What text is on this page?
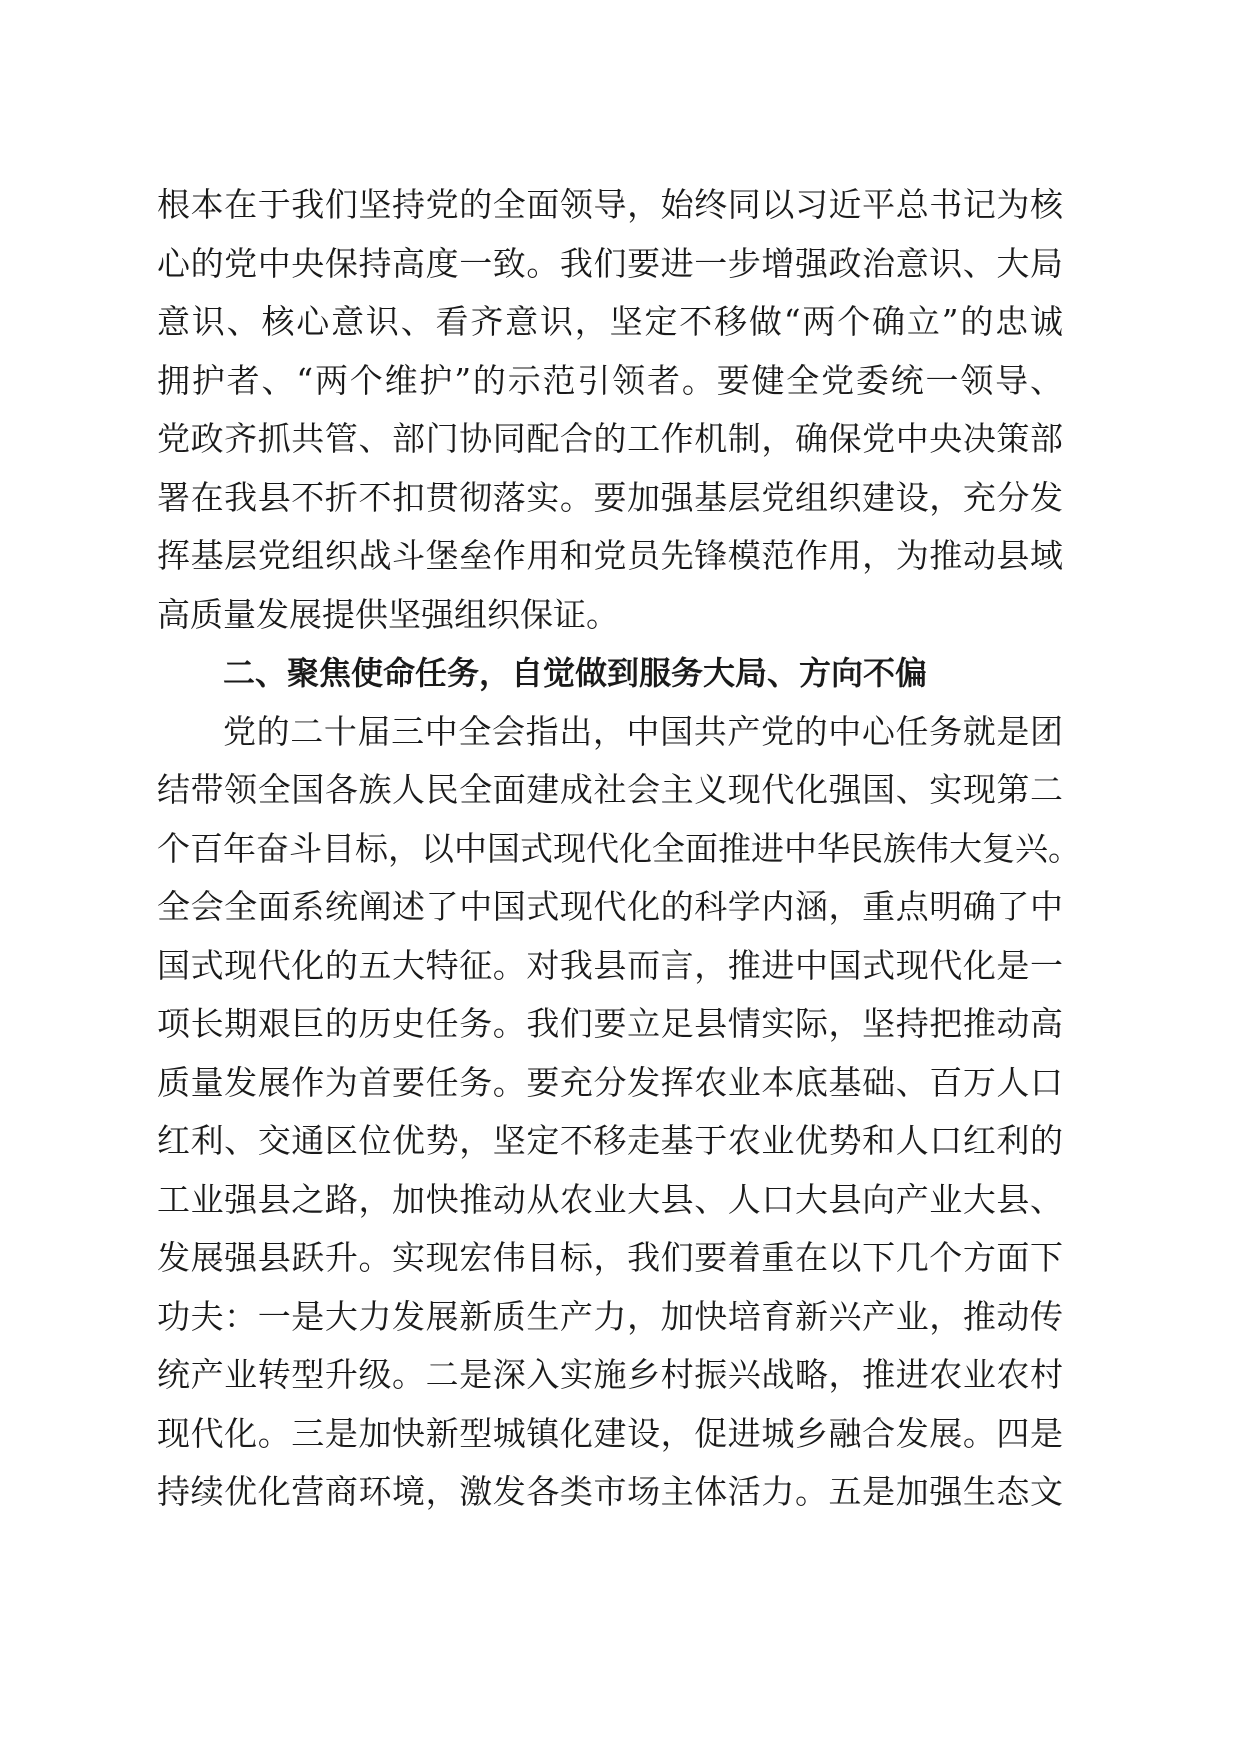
根本在于我们坚持党的全面领导，始终同以习近平总书记为核
心的党中央保持高度一致。我们要进一步增强政治意识、大局
意识、核心意识、看齐意识，坚定不移做“两个确立”的忠诚
拥护者、“两个维护”的示范引领者。要健全党委统一领导、
党政齐抓共管、部门协同配合的工作机制，确保党中央决策部
署在我县不折不扣贯彻落实。要加强基层党组织建设，充分发
挥基层党组织战斗堡垒作用和党员先锋模范作用，为推动县域
高质量发展提供坚强组织保证。
二、聚焦使命任务，自觉做到服务大局、方向不偏
党的二十届三中全会指出，中国共产党的中心任务就是团
结带领全国各族人民全面建成社会主义现代化强国、实现第二
个百年奋斗目标，以中国式现代化全面推进中华民族伟大复兴。
全会全面系统阐述了中国式现代化的科学内涵，重点明确了中
国式现代化的五大特征。对我县而言，推进中国式现代化是一
项长期艰巨的历史任务。我们要立足县情实际，坚持把推动高
质量发展作为首要任务。要充分发挥农业本底基础、百万人口
红利、交通区位优势，坚定不移走基于农业优势和人口红利的
工业强县之路，加快推动从农业大县、人口大县向产业大县、
发展强县跃升。实现宏伟目标，我们要着重在以下几个方面下
功夫：一是大力发展新质生产力，加快培育新兴产业，推动传
统产业转型升级。二是深入实施乡村振兴战略，推进农业农村
现代化。三是加快新型城镇化建设，促进城乡融合发展。四是
持续优化营商环境，激发各类市场主体活力。五是加强生态文
